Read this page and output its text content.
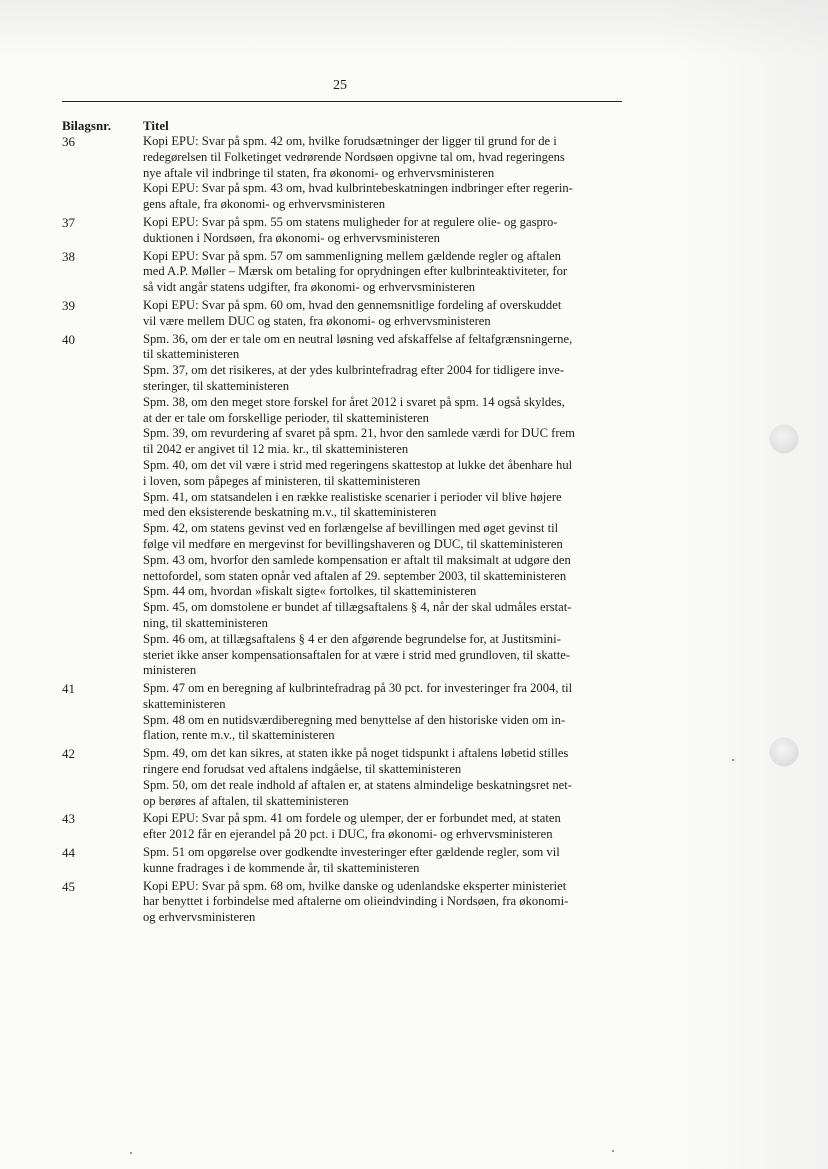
25
Bilagsnr. Titel
36	Kopi EPU: Svar på spm. 42 om, hvilke forudsætninger der ligger til grund for de i
redegørelsen til Folketinget vedrørende Nordsøen opgivne tal om, hvad regeringens
nye aftale vil indbringe til staten, fra økonomi- og erhvervsministeren
Kopi EPU: Svar på spm. 43 om, hvad kulbrintebeskatningen indbringer efter regerin-
gens aftale, fra økonomi- og erhvervsministeren
37	Kopi EPU: Svar på spm. 55 om statens muligheder for at regulere olie- og gaspro-
duktionen i Nordsøen, fra økonomi- og erhvervsministeren
38	Kopi EPU: Svar på spm. 57 om sammenligning mellem gældende regler og aftalen
med A.P. Møller – Mærsk om betaling for oprydningen efter kulbrinteaktiviteter, for
så vidt angår statens udgifter, fra økonomi- og erhvervsministeren
39	Kopi EPU: Svar på spm. 60 om, hvad den gennemsnitlige fordeling af overskuddet
vil være mellem DUC og staten, fra økonomi- og erhvervsministeren
40	Spm. 36, om der er tale om en neutral løsning ved afskaffelse af feltafgrænsningerne,
til skatteministeren
Spm. 37, om det risikeres, at der ydes kulbrintefradrag efter 2004 for tidligere inve-
steringer, til skatteministeren
Spm. 38, om den meget store forskel for året 2012 i svaret på spm. 14 også skyldes,
at der er tale om forskellige perioder, til skatteministeren
Spm. 39, om revurdering af svaret på spm. 21, hvor den samlede værdi for DUC frem
til 2042 er angivet til 12 mia. kr., til skatteministeren
Spm. 40, om det vil være i strid med regeringens skattestop at lukke det åbenhare hul
i loven, som påpeges af ministeren, til skatteministeren
Spm. 41, om statsandelen i en række realistiske scenarier i perioder vil blive højere
med den eksisterende beskatning m.v., til skatteministeren
Spm. 42, om statens gevinst ved en forlængelse af bevillingen med øget gevinst til
følge vil medføre en mergevinst for bevillingshaveren og DUC, til skatteministeren
Spm. 43 om, hvorfor den samlede kompensation er aftalt til maksimalt at udgøre den
nettofordel, som staten opnår ved aftalen af 29. september 2003, til skatteministeren
Spm. 44 om, hvordan »fiskalt sigte« fortolkes, til skatteministeren
Spm. 45, om domstolene er bundet af tillægsaftalens § 4, når der skal udmåles erstat-
ning, til skatteministeren
Spm. 46 om, at tillægsaftalens § 4 er den afgørende begrundelse for, at Justitsmini-
steriet ikke anser kompensationsaftalen for at være i strid med grundloven, til skatte-
ministeren
41	Spm. 47 om en beregning af kulbrintefradrag på 30 pct. for investeringer fra 2004, til
skatteministeren
Spm. 48 om en nutidsværdiberegning med benyttelse af den historiske viden om in-
flation, rente m.v., til skatteministeren
42	Spm. 49, om det kan sikres, at staten ikke på noget tidspunkt i aftalens løbetid stilles
ringere end forudsat ved aftalens indgåelse, til skatteministeren
Spm. 50, om det reale indhold af aftalen er, at statens almindelige beskatningsret net-
op berøres af aftalen, til skatteministeren
43	Kopi EPU: Svar på spm. 41 om fordele og ulemper, der er forbundet med, at staten
efter 2012 får en ejerandel på 20 pct. i DUC, fra økonomi- og erhvervsministeren
44	Spm. 51 om opgørelse over godkendte investeringer efter gældende regler, som vil
kunne fradrages i de kommende år, til skatteministeren
45	Kopi EPU: Svar på spm. 68 om, hvilke danske og udenlandske eksperter ministeriet
har benyttet i forbindelse med aftalerne om olieindvinding i Nordsøen, fra økonomi-
og erhvervsministeren
